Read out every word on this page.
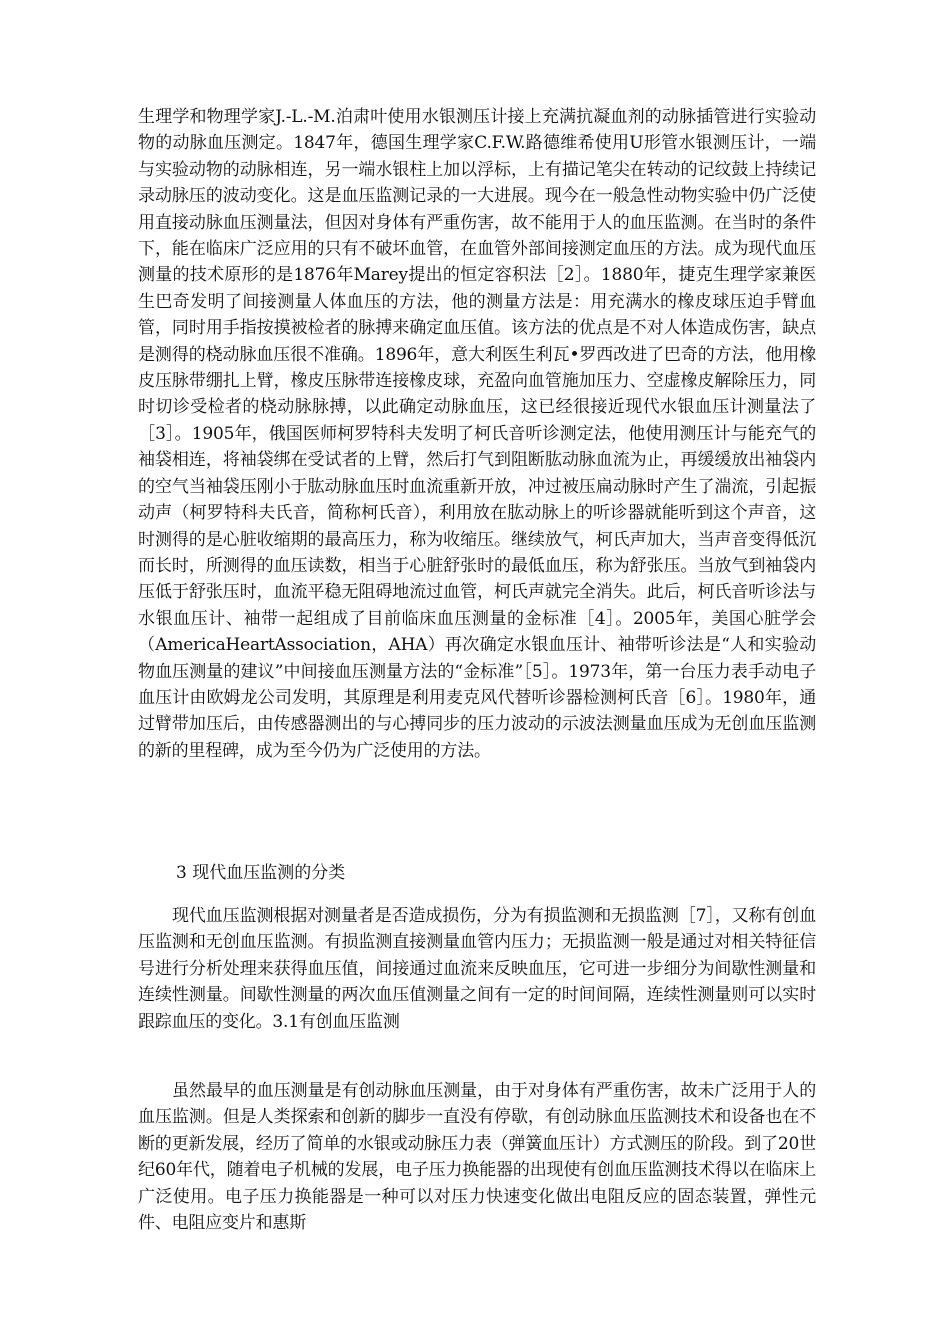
生理学和物理学家J.-L.-M.泊肃叶使用水银测压计接上充满抗凝血剂的动脉插管进行实验动物的动脉血压测定。1847年，德国生理学家C.F.W.路德维希使用U形管水银测压计，一端与实验动物的动脉相连，另一端水银柱上加以浮标，上有描记笔尖在转动的记纹鼓上持续记录动脉压的波动变化。这是血压监测记录的一大进展。现今在一般急性动物实验中仍广泛使用直接动脉血压测量法，但因对身体有严重伤害，故不能用于人的血压监测。在当时的条件下，能在临床广泛应用的只有不破坏血管，在血管外部间接测定血压的方法。成为现代血压测量的技术原形的是1876年Marey提出的恒定容积法［2］。1880年，捷克生理学家兼医生巴奇发明了间接测量人体血压的方法，他的测量方法是：用充满水的橡皮球压迫手臂血管，同时用手指按摸被检者的脉搏来确定血压值。该方法的优点是不对人体造成伤害，缺点是测得的桡动脉血压很不准确。1896年，意大利医生利瓦•罗西改进了巴奇的方法，他用橡皮压脉带绷扎上臂，橡皮压脉带连接橡皮球，充盈向血管施加压力、空虚橡皮解除压力，同时切诊受检者的桡动脉脉搏，以此确定动脉血压，这已经很接近现代水银血压计测量法了［3］。1905年，俄国医师柯罗特科夫发明了柯氏音听诊测定法，他使用测压计与能充气的袖袋相连，将袖袋绑在受试者的上臂，然后打气到阻断肱动脉血流为止，再缓缓放出袖袋内的空气当袖袋压刚小于肱动脉血压时血流重新开放，冲过被压扁动脉时产生了湍流，引起振动声（柯罗特科夫氏音，简称柯氏音），利用放在肱动脉上的听诊器就能听到这个声音，这时测得的是心脏收缩期的最高压力，称为收缩压。继续放气，柯氏声加大，当声音变得低沉而长时，所测得的血压读数，相当于心脏舒张时的最低血压，称为舒张压。当放气到袖袋内压低于舒张压时，血流平稳无阻碍地流过血管，柯氏声就完全消失。此后，柯氏音听诊法与水银血压计、袖带一起组成了目前临床血压测量的金标准［4］。2005年，美国心脏学会（AmericaHeartAssociation，AHA）再次确定水银血压计、袖带听诊法是“人和实验动物血压测量的建议”中间接血压测量方法的“金标准”［5］。1973年，第一台压力表手动电子血压计由欧姆龙公司发明，其原理是利用麦克风代替听诊器检测柯氏音［6］。1980年，通过臂带加压后，由传感器测出的与心搏同步的压力波动的示波法测量血压成为无创血压监测的新的里程碑，成为至今仍为广泛使用的方法。

3 现代血压监测的分类

现代血压监测根据对测量者是否造成损伤，分为有损监测和无损监测［7］，又称有创血压监测和无创血压监测。有损监测直接测量血管内压力；无损监测一般是通过对相关特征信号进行分析处理来获得血压值，间接通过血流来反映血压，它可进一步细分为间歇性测量和连续性测量。间歇性测量的两次血压值测量之间有一定的时间间隔，连续性测量则可以实时跟踪血压的变化。3.1有创血压监测

虽然最早的血压测量是有创动脉血压测量，由于对身体有严重伤害，故未广泛用于人的血压监测。但是人类探索和创新的脚步一直没有停歇，有创动脉血压监测技术和设备也在不断的更新发展，经历了简单的水银或动脉压力表（弹簧血压计）方式测压的阶段。到了20世纪60年代，随着电子机械的发展，电子压力换能器的出现使有创血压监测技术得以在临床上广泛使用。电子压力换能器是一种可以对压力快速变化做出电阻反应的固态装置，弹性元件、电阻应变片和惠斯
